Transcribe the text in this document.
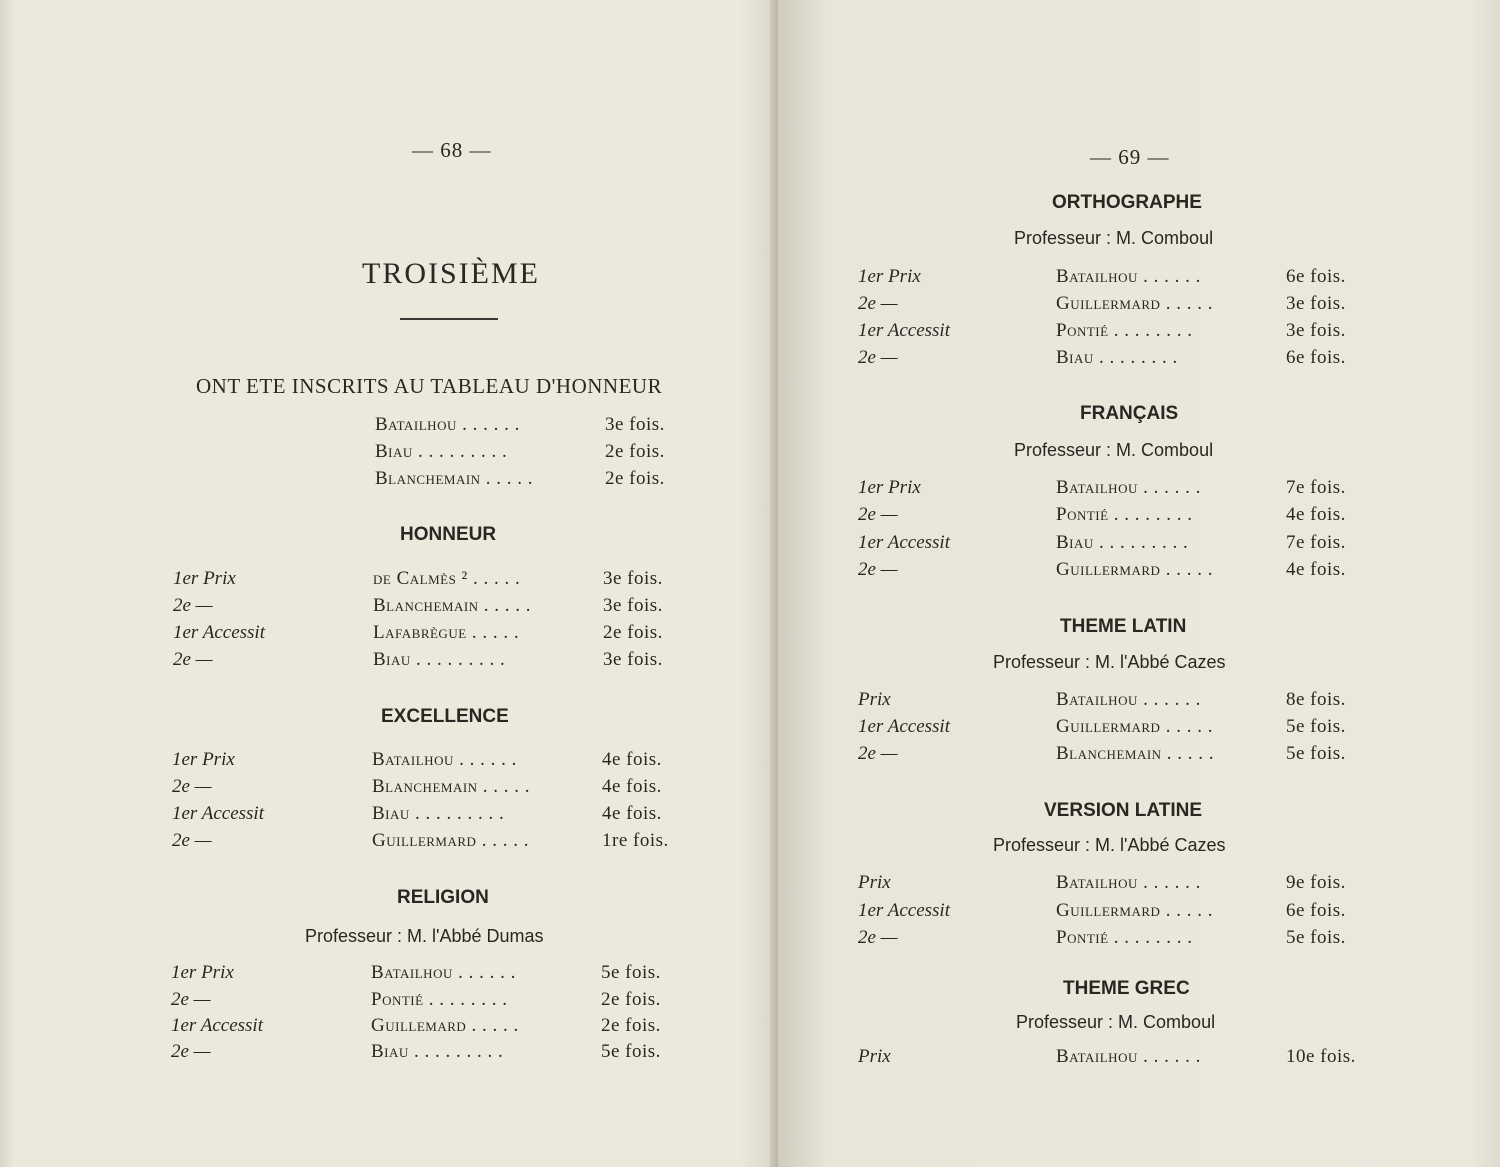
— 68 —
TROISIÈME
ONT ETE INSCRITS AU TABLEAU D'HONNEUR
Bataılhou . . . . . .	3e fois.
Biau . . . . . . . . .	2e fois.
Blanchemain . . . . .	2e fois.
HONNEUR
1er Prix	de Calmès ² . . . . .	3e fois.
2e —	Blanchemain . . . . .	3e fois.
1er Accessit	Lafabrègue . . . . .	2e fois.
2e —	Biau . . . . . . . . .	3e fois.
EXCELLENCE
1er Prix	Bataılhou . . . . . .	4e fois.
2e —	Blanchemain . . . . .	4e fois.
1er Accessit	Biau . . . . . . . . .	4e fois.
2e —	Guillermard . . . . .	1re fois.
RELIGION
Professeur : M. l'Abbé Dumas
1er Prix	Bataılhou . . . . . .	5e fois.
2e —	Pontié . . . . . . . .	2e fois.
1er Accessit	Guillemard . . . . .	2e fois.
2e —	Biau . . . . . . . . .	5e fois.
— 69 —
ORTHOGRAPHE
Professeur : M. Comboul
1er Prix	Bataılhou . . . . . .	6e fois.
2e —	Guillermard . . . . .	3e fois.
1er Accessit	Pontié . . . . . . . .	3e fois.
2e —	Biau . . . . . . . .	6e fois.
FRANÇAIS
Professeur : M. Comboul
1er Prix	Bataılhou . . . . . .	7e fois.
2e —	Pontié . . . . . . . .	4e fois.
1er Accessit	Biau . . . . . . . . .	7e fois.
2e —	Guillermard . . . . .	4e fois.
THEME LATIN
Professeur : M. l'Abbé Cazes
Prix	Bataılhou . . . . . .	8e fois.
1er Accessit	Guillermard . . . . .	5e fois.
2e —	Blanchemain . . . . .	5e fois.
VERSION LATINE
Professeur : M. l'Abbé Cazes
Prix	Bataılhou . . . . . .	9e fois.
1er Accessit	Guillermard . . . . .	6e fois.
2e —	Pontié . . . . . . . .	5e fois.
THEME GREC
Professeur : M. Comboul
Prix	Bataılhou . . . . . .	10e fois.
